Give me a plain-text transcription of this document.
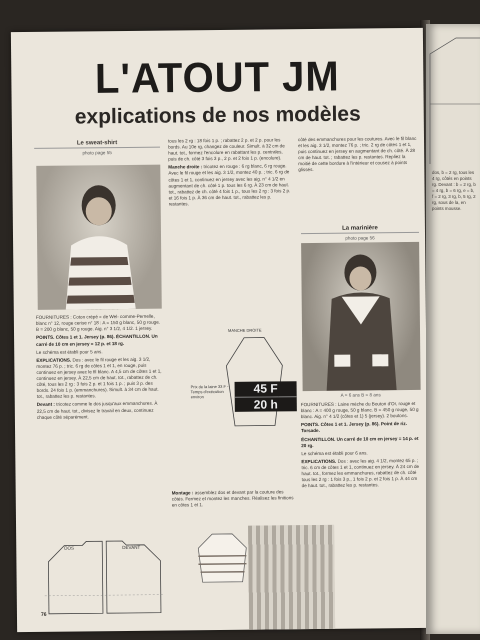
L'ATOUT JM
explications de nos modèles
Le sweat-shirt
photo page 55
FOURNITURES : Coton crépé « de Wel- comme-Pernelle, blanc n° 12, rouge cerise n° 18 : A = 150 g blanc, 50 g rouge. B = 200 g blanc, 50 g rouge. Aig. n° 3 1/2, 4 1/2. 1 jersey.
POINTS. Côtes 1 et 1. Jersey (p. 86). ÉCHANTILLON. Un carré de 10 cm en jersey = 12 p. et 18 rg.
Le schéma est établi pour 5 ans.
EXPLICATIONS. Dos : avec le fil rouge et les aig. 3 1/2, montez 76 p. ; tric. 6 rg de côtes 1 et 1, en rouge, puis continuez en jersey avec le fil blanc. A 4,5 cm de côtes 1 et 1, continuez en jersey. À 22,5 cm de haut. tot., rabattez de ch. côté, tous les 2 rg : 3 fois 2 p. et 1 fois 1 p. ; puis 3 p. des bords. 24 fois 1 p. (emmanchures). Simult. à 34 cm de haut. tot., rabattez les p. restantes.
Devant : tricotez comme le dos jusqu'aux emmanchures. À 22,5 cm de haut. tot., divisez le travail en deux, continuez chaque côté séparément.
DOS	DEVANT
tous les 2 rg : 18 fois 1 p. ; rabattez 2 p. et 2 p. pour les bords. Au 10e rg, changez de couleur. Simult. à 32 cm de haut. tot., formez l'encolure en rabattant les p. centrales, puis de ch. côté 3 fois 3 p., 2 p. et 2 fois 1 p. (encolure).
Manche droite : tricotez en rouge : 6 rg blanc, 6 rg rouge. Avec le fil rouge et les aig. 3 1/2, montez 40 p. ; tric. 6 rg de côtes 1 et 1, continuez en jersey avec les aig. n° 4 1/2 en augmentant de ch. côté 1 p. tous les 6 rg. À 23 cm de haut. tot., rabattez de ch. côté 4 fois 1 p., tous les 2 rg : 3 fois 2 p. et 16 fois 1 p. À 36 cm de haut. tot., rabattez les p. restantes.
MANCHE DROITE
Prix de la laine 33 F - Temps d'exécution environ
45 F
20 h
Montage : assemblez dos et devant par la couture des côtés. Fermez et montez les manches. Réalisez les finitions en côtes 1 et 1.
côté des emmanchures pour les coutures. Avec le fil blanc et les aig. 3 1/2, montez 76 p. ; tric. 2 rg de côtes 1 et 1, puis continuez en jersey en augmentant de ch. côté. À 28 cm de haut. tot. ; rabattez les p. restantes. Repliez la moitié de cette bordure à l'intérieur et cousez à points glissés.
La marinière
photo page 56
A = 6 ans B = 8 ans
FOURNITURES : Laine mèche du Bouton d'Or, rouge et blanc : A = 400 g rouge, 50 g blanc. B = 450 g rouge, 50 g blanc. Aig. n° 4 1/2 (côtes et 1) 5 (jersey). 2 boutons.
POINTS. Côtes 1 et 1. Jersey (p. 86). Point de riz. Torsade.
ÉCHANTILLON. Un carré de 10 cm en jersey = 14 p. et 20 rg.
Le schéma est établi pour 6 ans.
EXPLICATIONS. Dos : avec les aig. 4 1/2, montez 65 p. ; tric. 6 cm de côtes 1 et 1, continuez en jersey. À 24 cm de haut. tot., formez les emmanchures, rabattez de ch. côté tous les 2 rg : 1 fois 3 p., 1 fois 2 p. et 2 fois 1 p. À 44 cm de haut. tot., rabattez les p. restantes.
76
dos, b = 2 rg, tous les 4 rg, côtés en points rg. Devant : b = 2 rg, b = 4 rg, b = 6 rg, e = b, f = 2 rg, 3 rg, b, 5 rg, 2 rg, sous de la, en points mousse.
